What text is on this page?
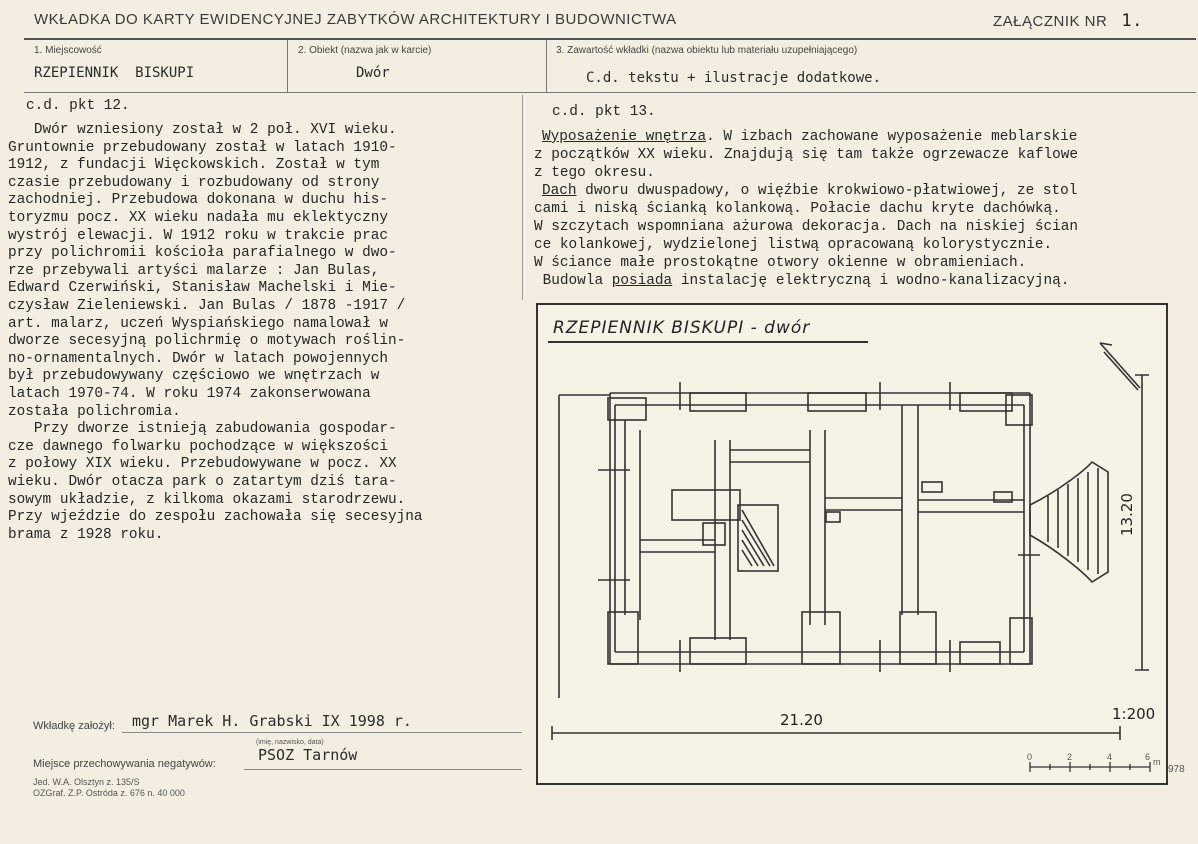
WKŁADKA DO KARTY EWIDENCYJNEJ ZABYTKÓW ARCHITEKTURY I BUDOWNICTWA	ZAŁĄCZNIK NR 1.
1. Miejscowość
RZEPIENNIK  BISKUPI
2. Obiekt (nazwa jak w karcie)
Dwór
3. Zawartość wkładki (nazwa obiektu lub materiału uzupełniającego)
C.d. tekstu + ilustracje dodatkowe.
c.d. pkt 12.
Dwór wzniesiony został w 2 poł. XVI wieku.
Gruntownie przebudowany został w latach 1910-
1912, z fundacji Więckowskich. Został w tym
czasie przebudowany i rozbudowany od strony
zachodniej. Przebudowa dokonana w duchu his-
toryzmu pocz. XX wieku nadała mu eklektyczny
wystrój elewacji. W 1912 roku w trakcie prac
przy polichromii kościoła parafialnego w dwo-
rze przebywali artyści malarze : Jan Bulas,
Edward Czerwiński, Stanisław Machelski i Mie-
czysław Zieleniewski. Jan Bulas / 1878 -1917 /
art. malarz, uczeń Wyspiańskiego namalował w
dworze secesyjną polichrmię o motywach roślin-
no-ornamentalnych. Dwór w latach powojennych
był przebudowywany częściowo we wnętrzach w
latach 1970-74. W roku 1974 zakonserwowana
została polichromia.
Przy dworze istnieją zabudowania gospodar-
cze dawnego folwarku pochodzące w większości
z połowy XIX wieku. Przebudowywane w pocz. XX
wieku. Dwór otacza park o zatartym dziś tara-
sowym układzie, z kilkoma okazami starodrzewu.
Przy wjeździe do zespołu zachowała się secesyjna
brama z 1928 roku.
c.d. pkt 13.
Wyposażenie wnętrza. W izbach zachowane wyposażenie meblarskie
z początków XX wieku. Znajdują się tam także ogrzewacze kaflowe
z tego okresu.
Dach dworu dwuspadowy, o więźbie krokwiowo-płatwiowej, ze stol
cami i niską ścianką kolankową. Połacie dachu kryte dachówką.
W szczytach wspomniana ażurowa dekoracja. Dach na niskiej ścian
ce kolankowej, wydzielonej listwą opracowaną kolorystycznie.
W ściance małe prostokątne otwory okienne w obramieniach.
Budowla posiada instalację elektryczną i wodno-kanalizacyjną.
RZEPIENNIK BISKUPI - dwór
21.20
13.20
1:200
0	2	4	6 m
978
Wkładkę założył: mgr Marek H. Grabski IX 1998 r.
(imię, nazwisko, data)
Miejsce przechowywania negatywów:	PSOZ Tarnów
Jed. W.A. Olsztyn z. 135/S
OZGraf. Z.P. Ostróda z. 676 n. 40 000
